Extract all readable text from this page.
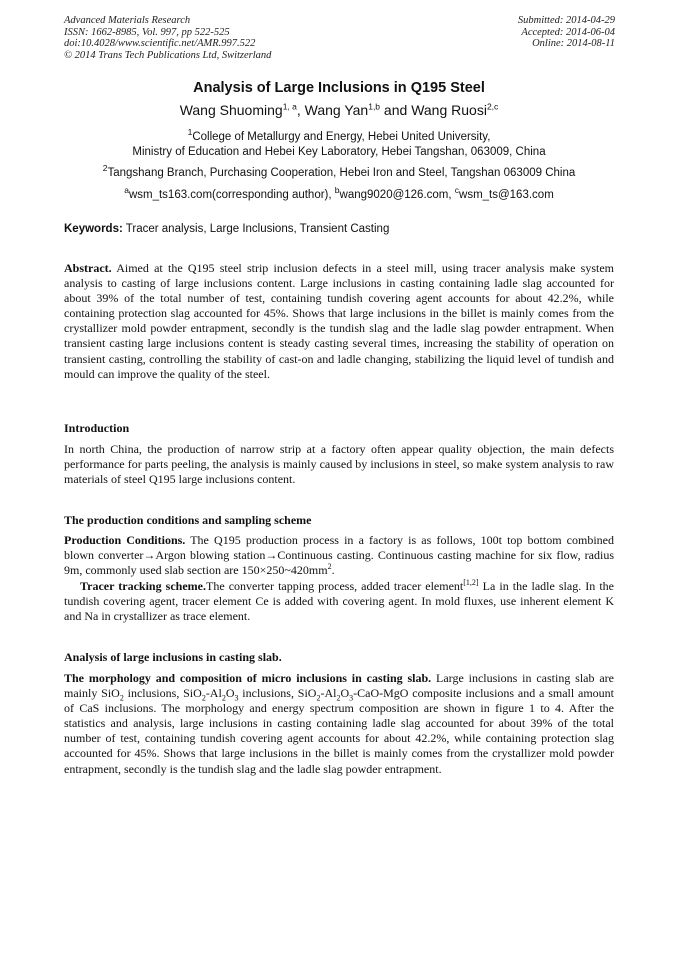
Advanced Materials Research
ISSN: 1662-8985, Vol. 997, pp 522-525
doi:10.4028/www.scientific.net/AMR.997.522
© 2014 Trans Tech Publications Ltd, Switzerland
Submitted: 2014-04-29
Accepted: 2014-06-04
Online: 2014-08-11
Analysis of Large Inclusions in Q195 Steel
Wang Shuoming$^{1, a}$, Wang Yan$^{1,b}$ and Wang Ruosi$^{2,c}$
$^1$College of Metallurgy and Energy, Hebei United University,
Ministry of Education and Hebei Key Laboratory, Hebei Tangshan, 063009, China
$^2$Tangshang Branch, Purchasing Cooperation, Hebei Iron and Steel, Tangshan 063009 China
$^a$wsm_ts163.com(corresponding author), $^b$wang9020@126.com, $^c$wsm_ts@163.com
Keywords: Tracer analysis, Large Inclusions, Transient Casting
Abstract. Aimed at the Q195 steel strip inclusion defects in a steel mill, using tracer analysis make system analysis to casting of large inclusions content. Large inclusions in casting containing ladle slag accounted for about 39% of the total number of test, containing tundish covering agent accounts for about 42.2%, while containing protection slag accounted for 45%. Shows that large inclusions in the billet is mainly comes from the crystallizer mold powder entrapment, secondly is the tundish slag and the ladle slag powder entrapment. When transient casting large inclusions content is steady casting several times, increasing the stability of operation on transient casting, controlling the stability of cast-on and ladle changing, stabilizing the liquid level of tundish and mould can improve the quality of the steel.
Introduction
In north China, the production of narrow strip at a factory often appear quality objection, the main defects performance for parts peeling, the analysis is mainly caused by inclusions in steel, so make system analysis to raw materials of steel Q195 large inclusions content.
The production conditions and sampling scheme
Production Conditions. The Q195 production process in a factory is as follows, 100t top bottom combined blown converter→Argon blowing station→Continuous casting. Continuous casting machine for six flow, radius 9m, commonly used slab section are $150\times 250\sim 420mm^2$.
Tracer tracking scheme.The converter tapping process, added tracer element[1,2] La in the ladle slag. In the tundish covering agent, tracer element Ce is added with covering agent. In mold fluxes, use inherent element K and Na in crystallizer as trace element.
Analysis of large inclusions in casting slab.
The morphology and composition of micro inclusions in casting slab. Large inclusions in casting slab are mainly SiO$_2$ inclusions, $SiO_2-Al_2O_3$ inclusions, $SiO_2-Al_2O_3-CaO$-MgO composite inclusions and a small amount of CaS inclusions. The morphology and energy spectrum composition are shown in figure 1 to 4. After the statistics and analysis, large inclusions in casting containing ladle slag accounted for about 39% of the total number of test, containing tundish covering agent accounts for about 42.2%, while containing protection slag accounted for 45%. Shows that large inclusions in the billet is mainly comes from the crystallizer mold powder entrapment, secondly is the tundish slag and the ladle slag powder entrapment.
